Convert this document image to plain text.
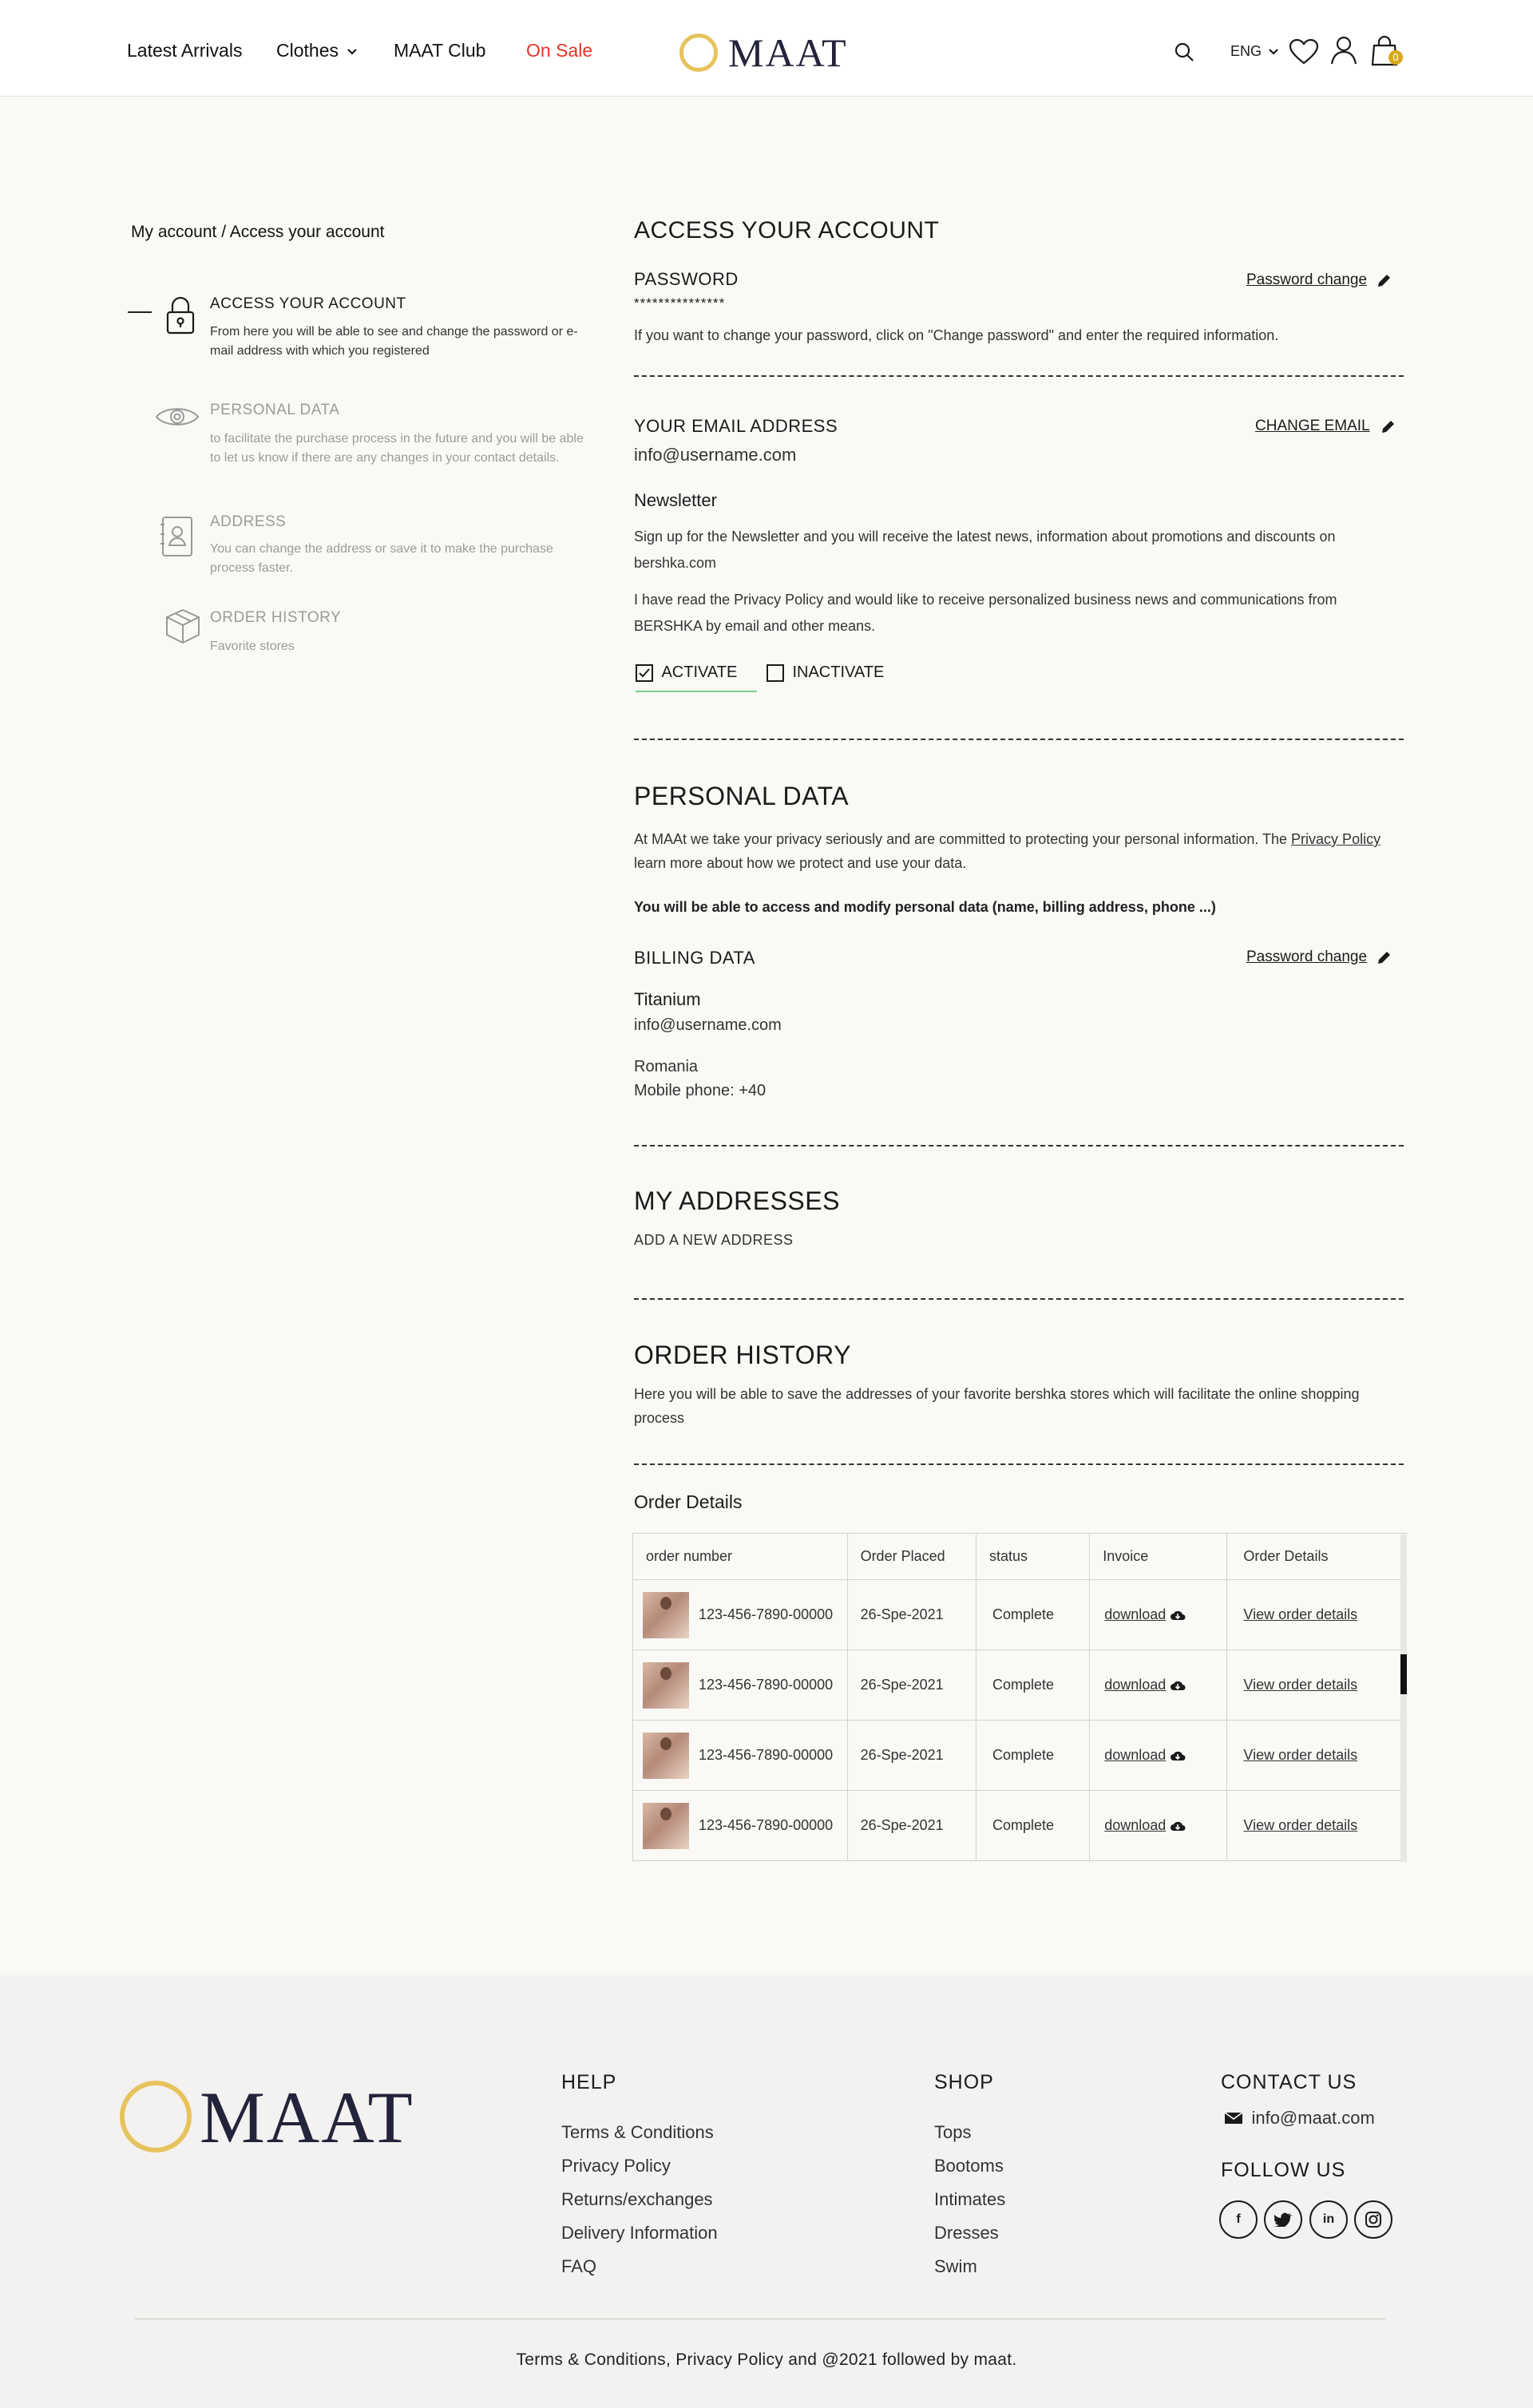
Latest Arrivals Clothes	MAAT Club On Sale	MAAT	ENG	0
My account / Access your account
ACCESS YOUR ACCOUNT
From here you will be able to see and change the password or e-mail address with which you registered
PERSONAL DATA
to facilitate the purchase process in the future and you will be able to let us know if there are any changes in your contact details.
ADDRESS
You can change the address or save it to make the purchase process faster.
ORDER HISTORY
Favorite stores
ACCESS YOUR ACCOUNT
PASSWORD
***************
Password change
If you want to change your password, click on "Change password" and enter the required information.
YOUR EMAIL ADDRESS	CHANGE EMAIL
info@username.com
Newsletter
Sign up for the Newsletter and you will receive the latest news, information about promotions and discounts on bershka.com
I have read the Privacy Policy and would like to receive personalized business news and communications from BERSHKA by email and other means.
ACTIVATE	INACTIVATE
PERSONAL DATA
At MAAt we take your privacy seriously and are committed to protecting your personal information. The Privacy Policy learn more about how we protect and use your data.
You will be able to access and modify personal data (name, billing address, phone ...)
BILLING DATA	Password change
Titanium
info@username.com
Romania
Mobile phone: +40
MY ADDRESSES
ADD A NEW ADDRESS
ORDER HISTORY
Here you will be able to save the addresses of your favorite bershka stores which will facilitate the online shopping process
Order Details
order number	Order Placed	status	Invoice	Order Details
123-456-7890-00000	26-Spe-2021	Complete	download	View order details
123-456-7890-00000	26-Spe-2021	Complete	download	View order details
123-456-7890-00000	26-Spe-2021	Complete	download	View order details
123-456-7890-00000	26-Spe-2021	Complete	download	View order details
MAAT	HELP
Terms & Conditions
Privacy Policy
Returns/exchanges
Delivery Information
FAQ
SHOP
Tops
Bootoms
Intimates
Dresses
Swim
CONTACT US
info@maat.com
FOLLOW US
f	in
Terms & Conditions, Privacy Policy and @2021 followed by maat.
